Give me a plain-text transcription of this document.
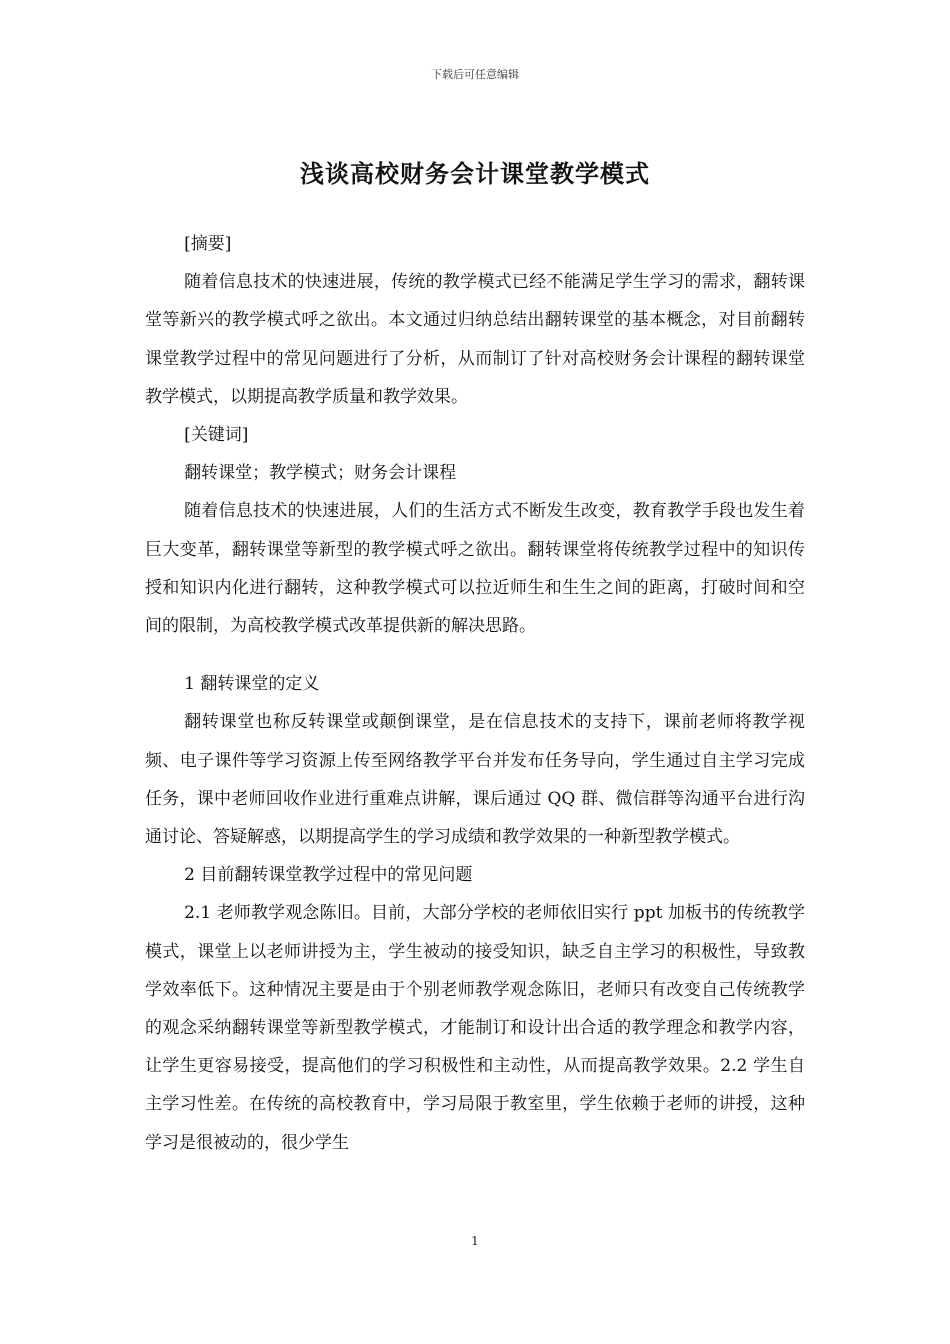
下载后可任意编辑
浅谈高校财务会计课堂教学模式

[摘要]

随着信息技术的快速进展，传统的教学模式已经不能满足学生学习的需求，翻转课堂等新兴的教学模式呼之欲出。本文通过归纳总结出翻转课堂的基本概念，对目前翻转课堂教学过程中的常见问题进行了分析，从而制订了针对高校财务会计课程的翻转课堂教学模式，以期提高教学质量和教学效果。

[关键词]

翻转课堂；教学模式；财务会计课程

随着信息技术的快速进展，人们的生活方式不断发生改变，教育教学手段也发生着巨大变革，翻转课堂等新型的教学模式呼之欲出。翻转课堂将传统教学过程中的知识传授和知识内化进行翻转，这种教学模式可以拉近师生和生生之间的距离，打破时间和空间的限制，为高校教学模式改革提供新的解决思路。

1 翻转课堂的定义

翻转课堂也称反转课堂或颠倒课堂，是在信息技术的支持下，课前老师将教学视频、电子课件等学习资源上传至网络教学平台并发布任务导向，学生通过自主学习完成任务，课中老师回收作业进行重难点讲解，课后通过 QQ 群、微信群等沟通平台进行沟通讨论、答疑解惑，以期提高学生的学习成绩和教学效果的一种新型教学模式。

2 目前翻转课堂教学过程中的常见问题

2.1 老师教学观念陈旧。目前，大部分学校的老师依旧实行 ppt 加板书的传统教学模式，课堂上以老师讲授为主，学生被动的接受知识，缺乏自主学习的积极性，导致教学效率低下。这种情况主要是由于个别老师教学观念陈旧，老师只有改变自己传统教学的观念采纳翻转课堂等新型教学模式，才能制订和设计出合适的教学理念和教学内容，让学生更容易接受，提高他们的学习积极性和主动性，从而提高教学效果。2.2 学生自主学习性差。在传统的高校教育中，学习局限于教室里，学生依赖于老师的讲授，这种学习是很被动的，很少学生

1
